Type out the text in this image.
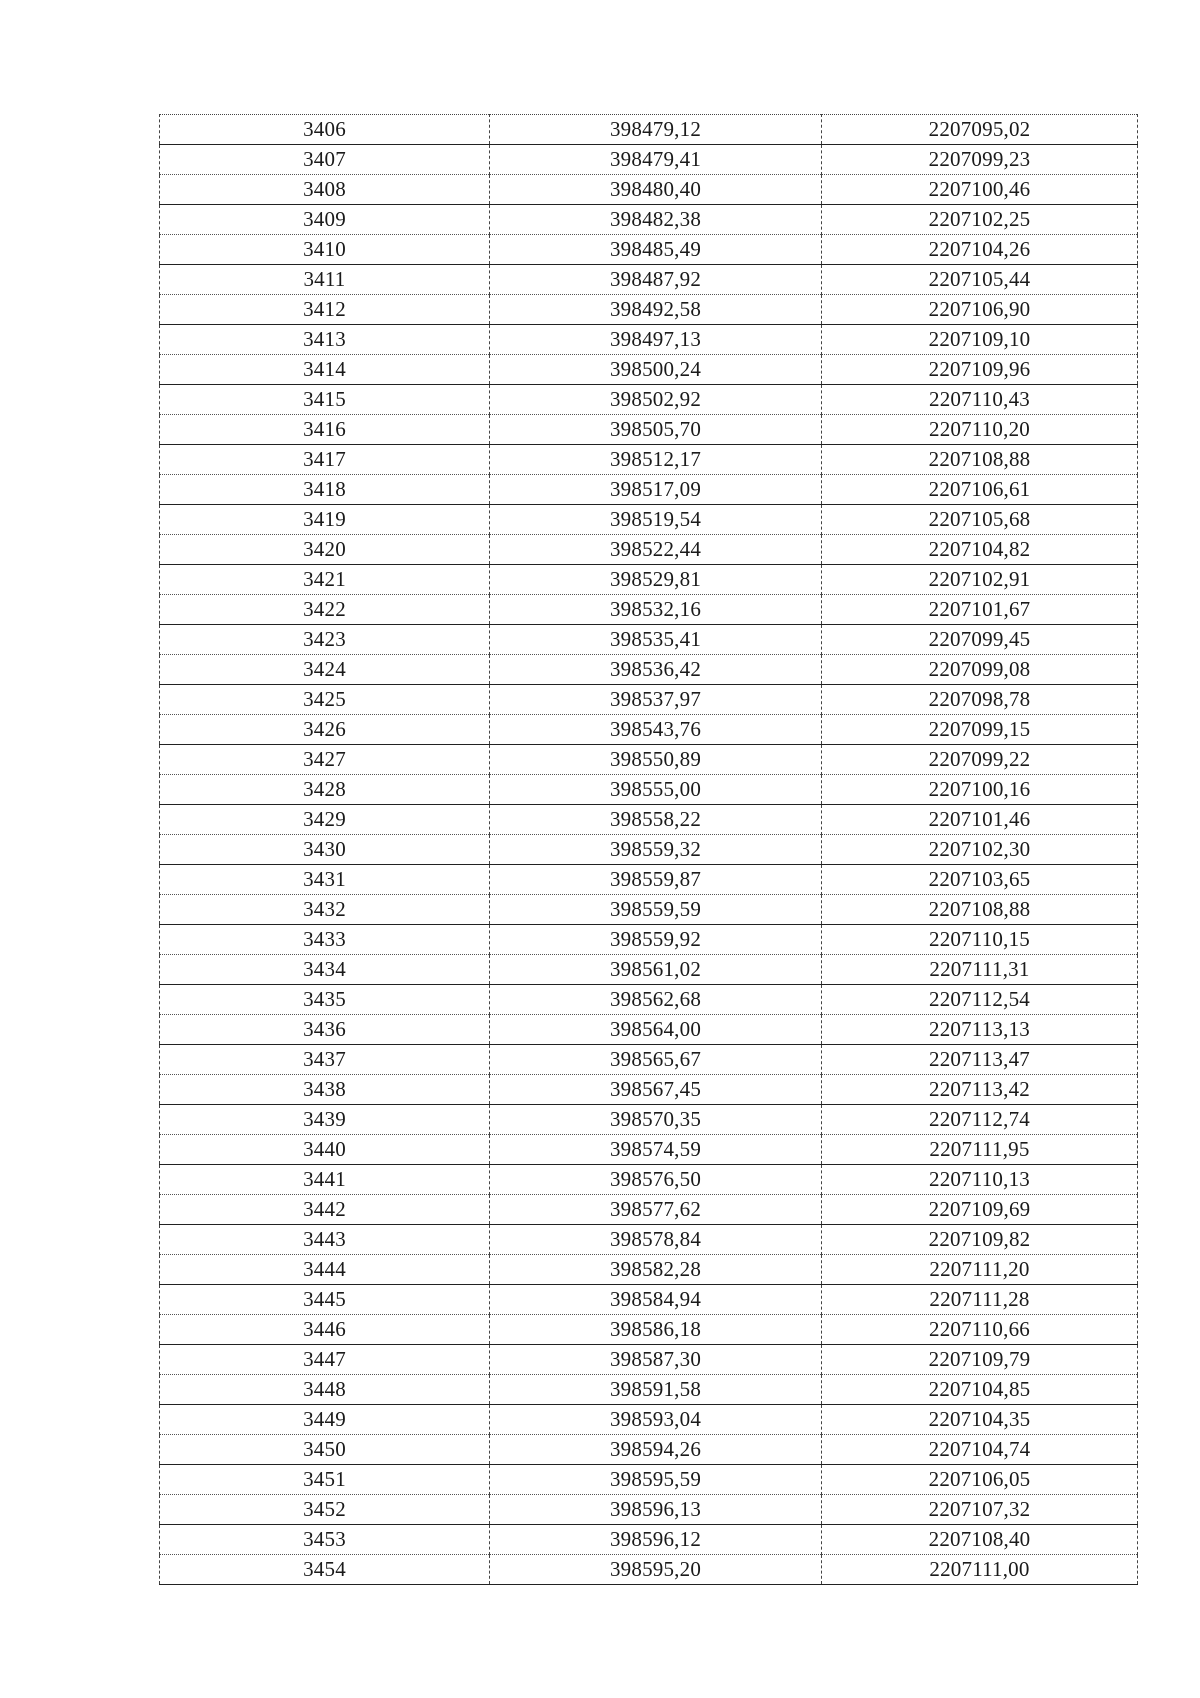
3406	398479,12	2207095,02
3407	398479,41	2207099,23
3408	398480,40	2207100,46
3409	398482,38	2207102,25
3410	398485,49	2207104,26
3411	398487,92	2207105,44
3412	398492,58	2207106,90
3413	398497,13	2207109,10
3414	398500,24	2207109,96
3415	398502,92	2207110,43
3416	398505,70	2207110,20
3417	398512,17	2207108,88
3418	398517,09	2207106,61
3419	398519,54	2207105,68
3420	398522,44	2207104,82
3421	398529,81	2207102,91
3422	398532,16	2207101,67
3423	398535,41	2207099,45
3424	398536,42	2207099,08
3425	398537,97	2207098,78
3426	398543,76	2207099,15
3427	398550,89	2207099,22
3428	398555,00	2207100,16
3429	398558,22	2207101,46
3430	398559,32	2207102,30
3431	398559,87	2207103,65
3432	398559,59	2207108,88
3433	398559,92	2207110,15
3434	398561,02	2207111,31
3435	398562,68	2207112,54
3436	398564,00	2207113,13
3437	398565,67	2207113,47
3438	398567,45	2207113,42
3439	398570,35	2207112,74
3440	398574,59	2207111,95
3441	398576,50	2207110,13
3442	398577,62	2207109,69
3443	398578,84	2207109,82
3444	398582,28	2207111,20
3445	398584,94	2207111,28
3446	398586,18	2207110,66
3447	398587,30	2207109,79
3448	398591,58	2207104,85
3449	398593,04	2207104,35
3450	398594,26	2207104,74
3451	398595,59	2207106,05
3452	398596,13	2207107,32
3453	398596,12	2207108,40
3454	398595,20	2207111,00
